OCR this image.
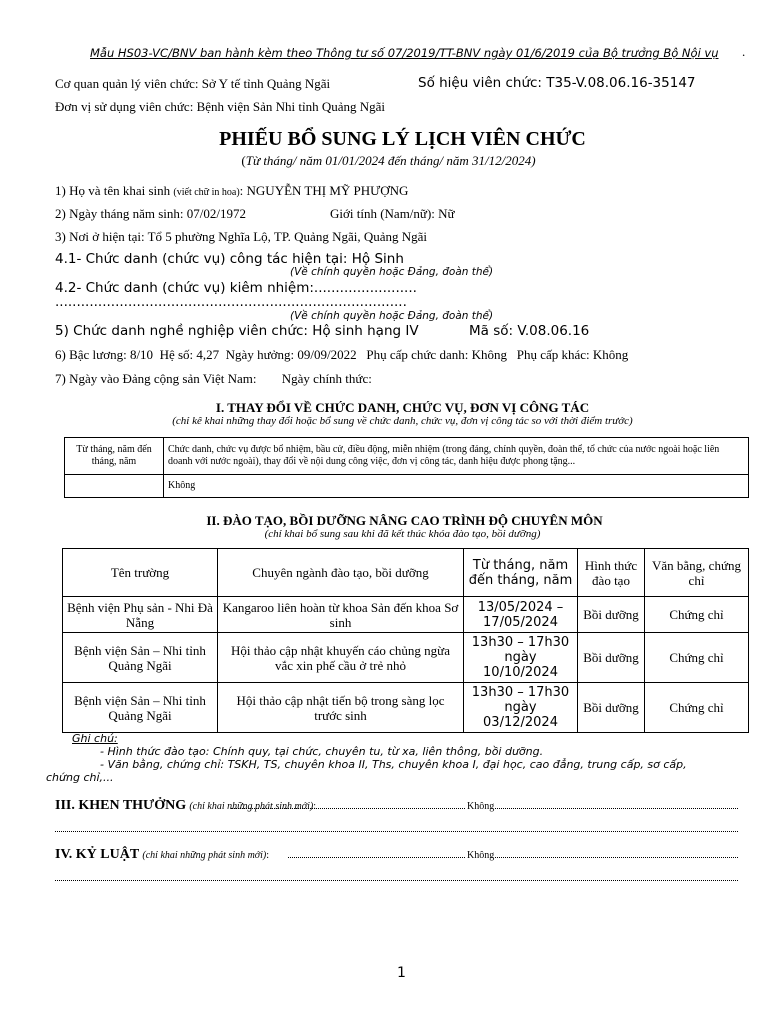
Mẫu HS03-VC/BNV ban hành kèm theo Thông tư số 07/2019/TT-BNV ngày 01/6/2019 của Bộ trưởng Bộ Nội vụ .
Cơ quan quản lý viên chức: Sở Y tế tỉnh Quảng Ngãi	Số hiệu viên chức: T35-V.08.06.16-35147
Đơn vị sử dụng viên chức: Bệnh viện Sản Nhi tỉnh Quảng Ngãi
PHIẾU BỔ SUNG LÝ LỊCH VIÊN CHỨC
(Từ tháng/ năm 01/01/2024 đến tháng/ năm 31/12/2024)
1) Họ và tên khai sinh (viết chữ in hoa): NGUYỄN THỊ MỸ PHƯỢNG
2) Ngày tháng năm sinh: 07/02/1972	Giới tính (Nam/nữ): Nữ
3) Nơi ở hiện tại: Tổ 5 phường Nghĩa Lộ, TP. Quảng Ngãi, Quảng Ngãi
4.1- Chức danh (chức vụ) công tác hiện tại: Hộ Sinh
(Về chính quyền hoặc Đảng, đoàn thể)
4.2- Chức danh (chức vụ) kiêm nhiệm:........................
..................................................................................
(Về chính quyền hoặc Đảng, đoàn thể)
5) Chức danh nghề nghiệp viên chức: Hộ sinh hạng IV	Mã số: V.08.06.16
6) Bậc lương: 8/10 Hệ số: 4,27 Ngày hưởng: 09/09/2022 Phụ cấp chức danh: Không Phụ cấp khác: Không
7) Ngày vào Đảng cộng sản Việt Nam: Ngày chính thức:
I. THAY ĐỔI VỀ CHỨC DANH, CHỨC VỤ, ĐƠN VỊ CÔNG TÁC
(chỉ kê khai những thay đổi hoặc bổ sung về chức danh, chức vụ, đơn vị công tác so với thời điểm trước)
Từ tháng, năm đến tháng, năm	Chức danh, chức vụ được bổ nhiệm, bầu cử, điều động, miễn nhiệm (trong đảng, chính quyền, đoàn thể, tổ chức của nước ngoài hoặc liên doanh với nước ngoài), thay đổi về nội dung công việc, đơn vị công tác, danh hiệu được phong tặng...
	Không
II. ĐÀO TẠO, BỒI DƯỠNG NÂNG CAO TRÌNH ĐỘ CHUYÊN MÔN
(chỉ khai bổ sung sau khi đã kết thúc khóa đào tạo, bồi dưỡng)
Tên trường	Chuyên ngành đào tạo, bồi dưỡng	Từ tháng, năm đến tháng, năm	Hình thức đào tạo	Văn bằng, chứng chỉ
Bệnh viện Phụ sản - Nhi Đà Nẵng	Kangaroo liên hoàn từ khoa Sản đến khoa Sơ sinh	13/05/2024 – 17/05/2024	Bồi dưỡng	Chứng chỉ
Bệnh viện Sản – Nhi tỉnh Quảng Ngãi	Hội thảo cập nhật khuyến cáo chủng ngừa vắc xin phế cầu ở trẻ nhỏ	13h30 – 17h30 ngày 10/10/2024	Bồi dưỡng	Chứng chỉ
Bệnh viện Sản – Nhi tỉnh Quảng Ngãi	Hội thảo cập nhật tiến bộ trong sàng lọc trước sinh	13h30 – 17h30 ngày 03/12/2024	Bồi dưỡng	Chứng chỉ
Ghi chú:
- Hình thức đào tạo: Chính quy, tại chức, chuyên tu, từ xa, liên thông, bồi dưỡng.
- Văn bằng, chứng chỉ: TSKH, TS, chuyên khoa II, Ths, chuyên khoa I, đại học, cao đẳng, trung cấp, sơ cấp,
chứng chỉ,...
III. KHEN THƯỞNG (chỉ khai những phát sinh mới):	Không
IV. KỶ LUẬT (chỉ khai những phát sinh mới):	Không
1
